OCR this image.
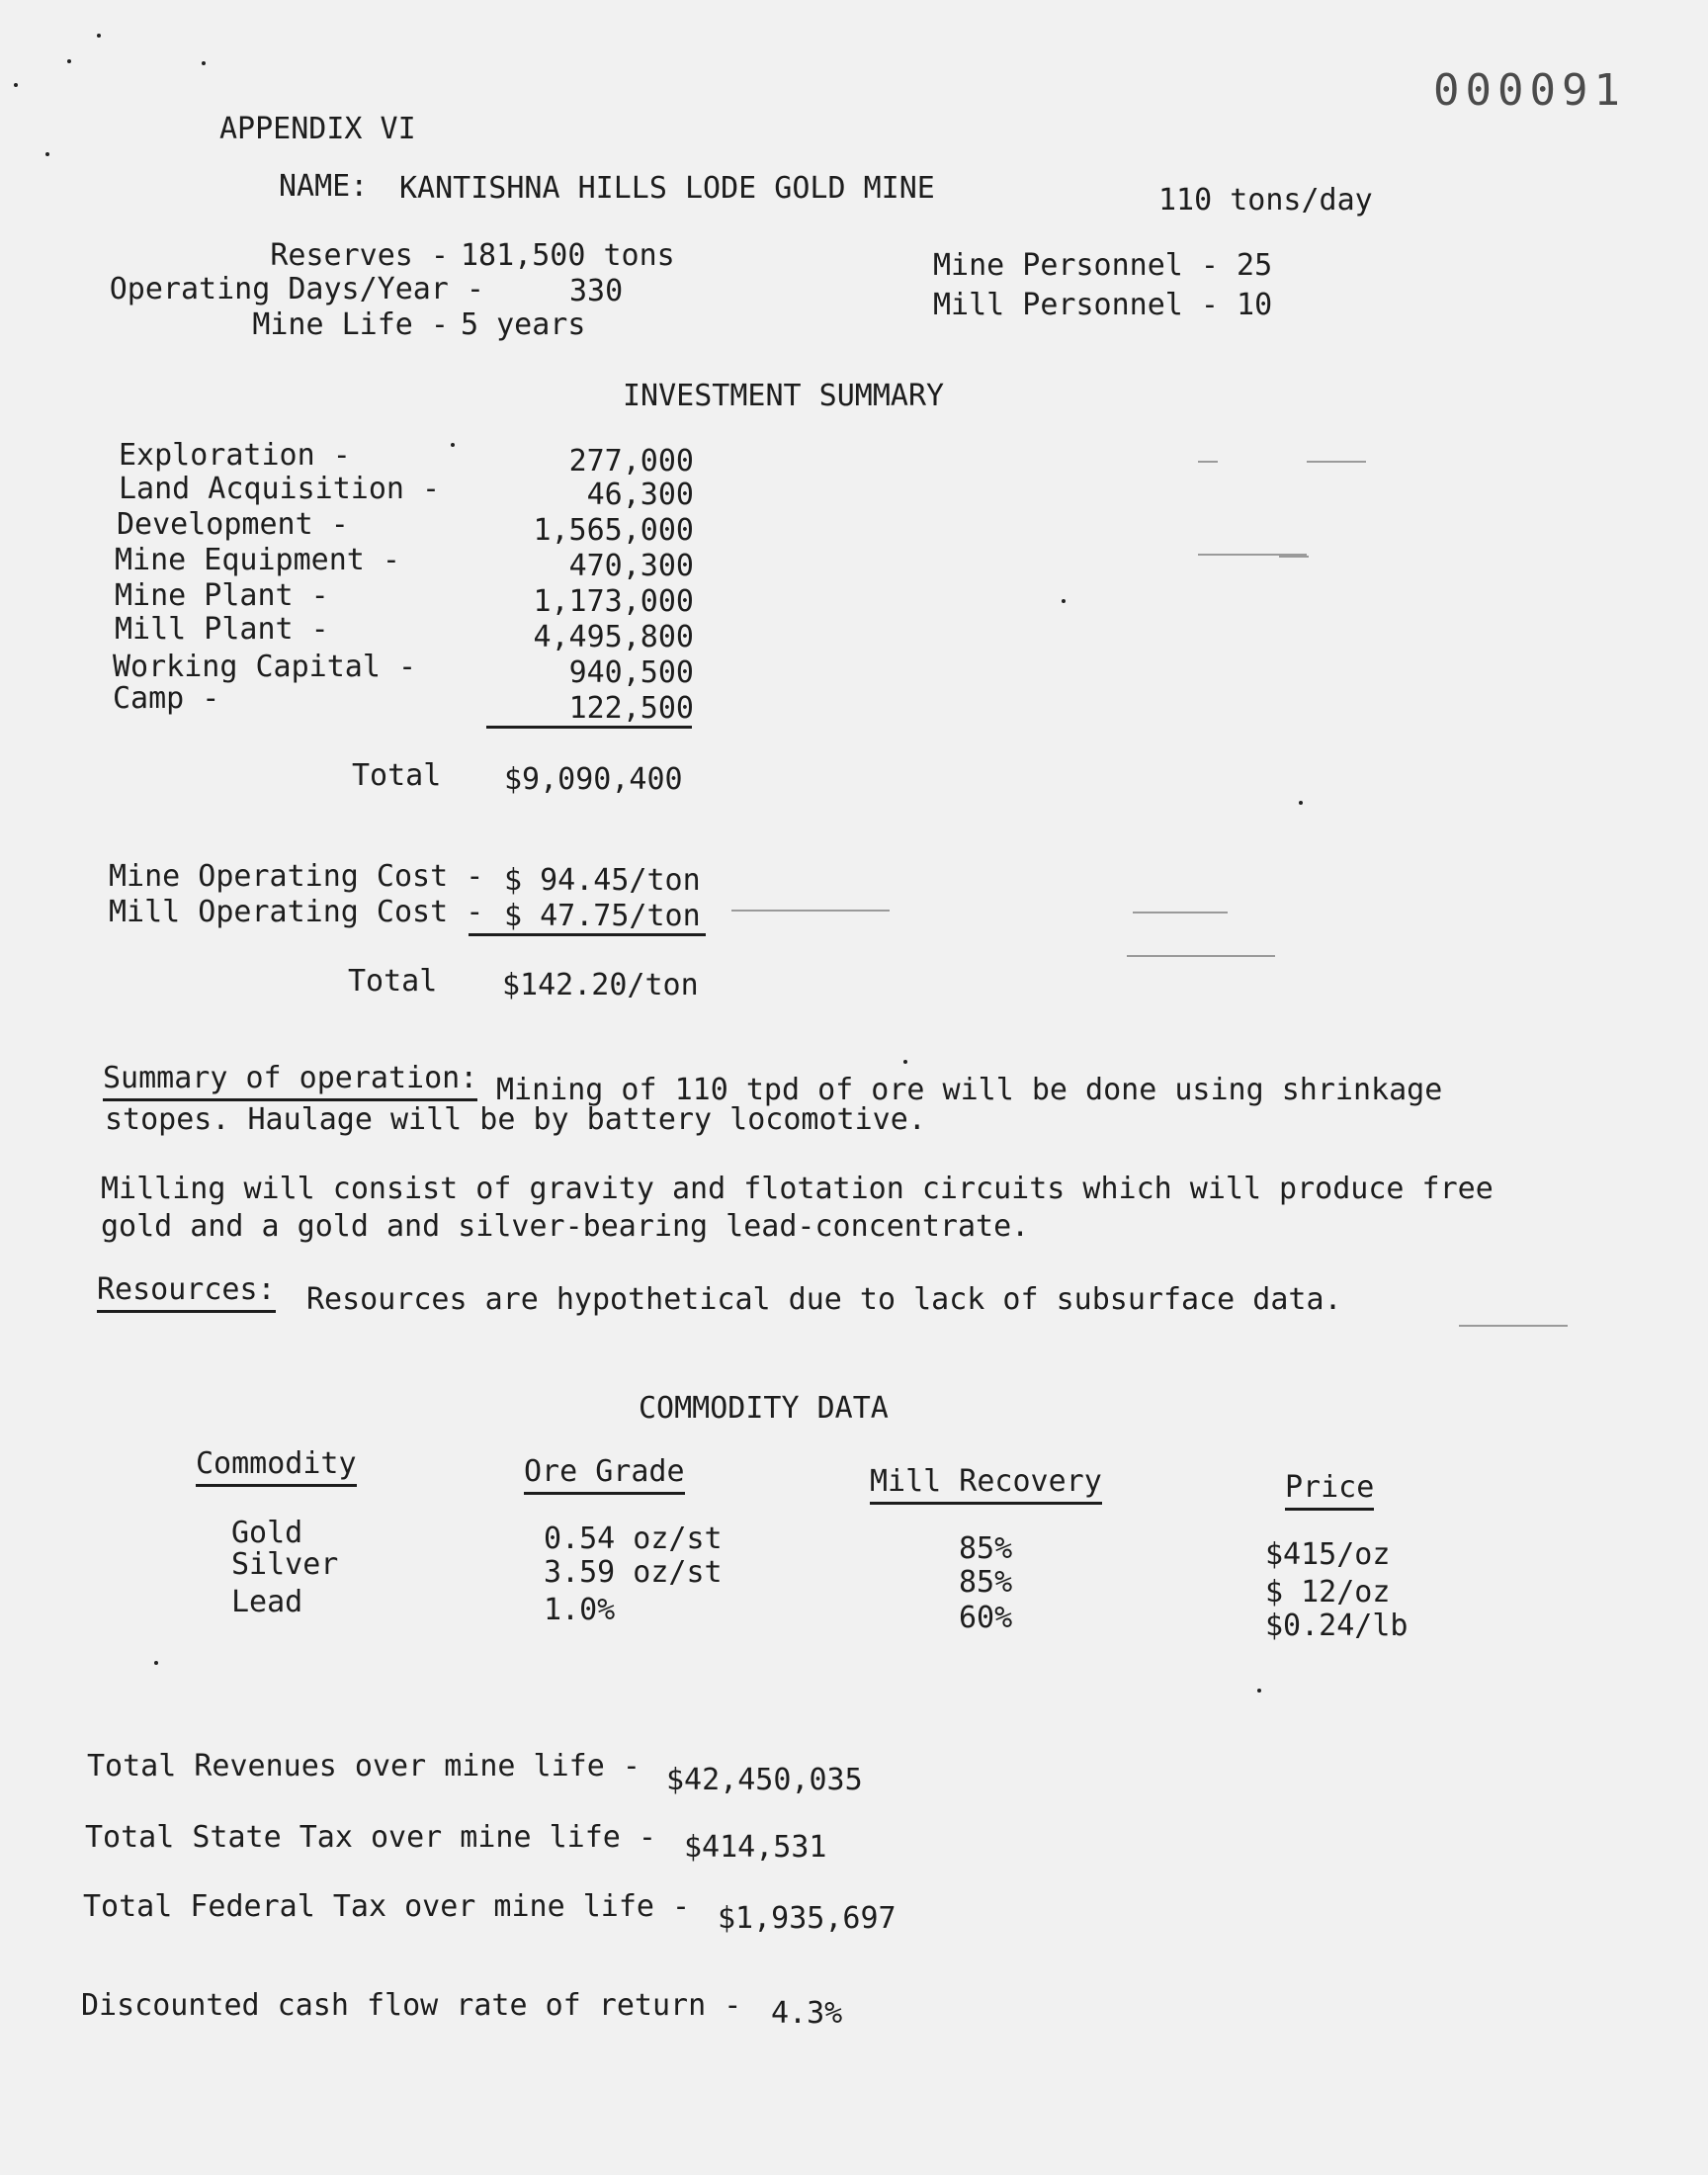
000091
APPENDIX VI
NAME: KANTISHNA HILLS LODE GOLD MINE	110 tons/day
Reserves - 181,500 tons
Operating Days/Year -	330
Mine Life - 5 years
Mine Personnel - 25
Mill Personnel - 10
INVESTMENT SUMMARY
Exploration -	277,000
Land Acquisition -	46,300
Development -	1,565,000
Mine Equipment -	470,300
Mine Plant -	1,173,000
Mill Plant -	4,495,800
Working Capital -	940,500
Camp -	122,500
Total $9,090,400
Mine Operating Cost - $ 94.45/ton
Mill Operating Cost - $ 47.75/ton
Total $142.20/ton
Summary of operation: Mining of 110 tpd of ore will be done using shrinkage
stopes. Haulage will be by battery locomotive.
Milling will consist of gravity and flotation circuits which will produce free
gold and a gold and silver-bearing lead-concentrate.
Resources: Resources are hypothetical due to lack of subsurface data.
COMMODITY DATA
Commodity	Ore Grade	Mill Recovery	Price
Gold	0.54 oz/st	85%	$415/oz
Silver	3.59 oz/st	85%	$ 12/oz
Lead	1.0%	60%	$0.24/lb
Total Revenues over mine life - $42,450,035
Total State Tax over mine life - $414,531
Total Federal Tax over mine life - $1,935,697
Discounted cash flow rate of return - 4.3%
